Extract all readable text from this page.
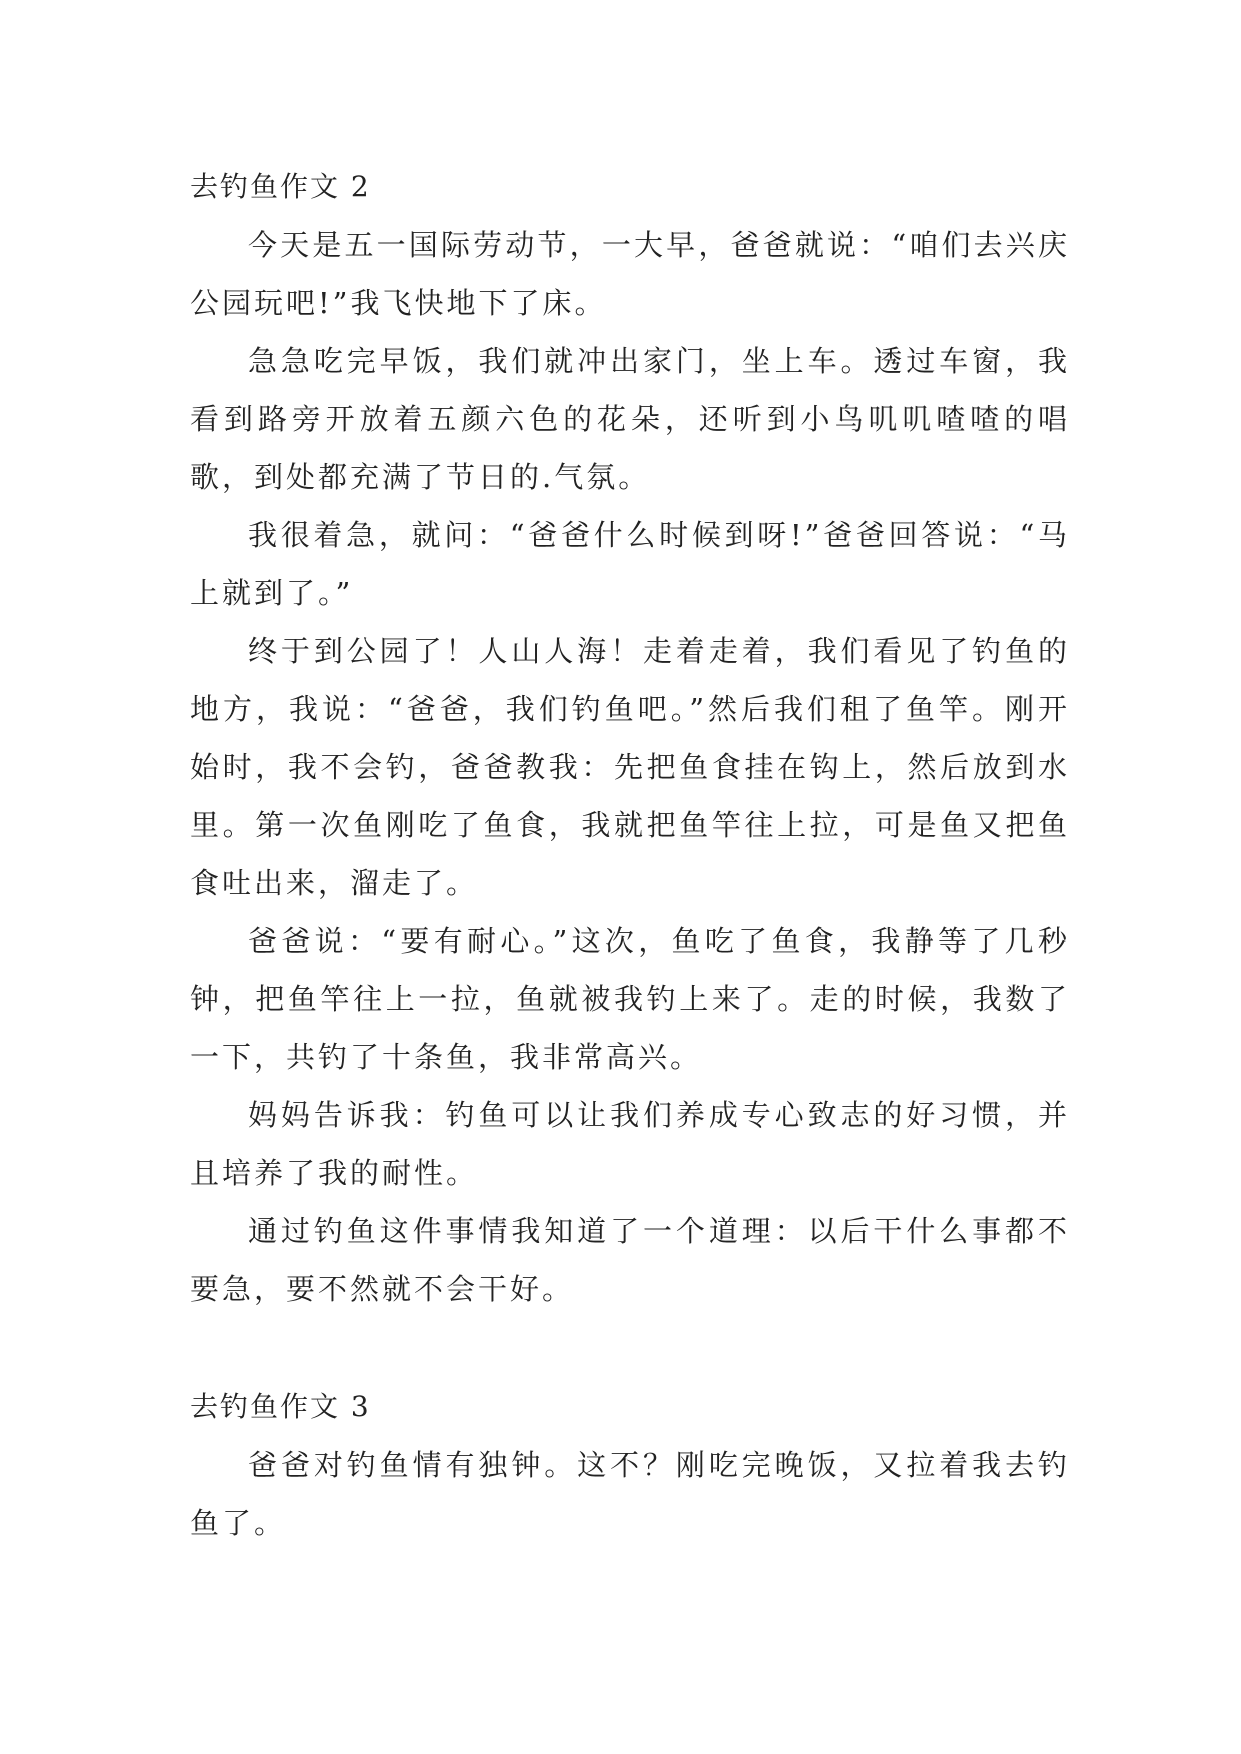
去钓鱼作文 2

今天是五一国际劳动节，一大早，爸爸就说：“咱们去兴庆公园玩吧!”我飞快地下了床。

急急吃完早饭，我们就冲出家门，坐上车。透过车窗，我看到路旁开放着五颜六色的花朵，还听到小鸟叽叽喳喳的唱歌，到处都充满了节日的.气氛。

我很着急，就问：“爸爸什么时候到呀!”爸爸回答说：“马上就到了。”

终于到公园了！人山人海！走着走着，我们看见了钓鱼的地方，我说：“爸爸，我们钓鱼吧。”然后我们租了鱼竿。刚开始时，我不会钓，爸爸教我：先把鱼食挂在钩上，然后放到水里。第一次鱼刚吃了鱼食，我就把鱼竿往上拉，可是鱼又把鱼食吐出来，溜走了。

爸爸说：“要有耐心。”这次，鱼吃了鱼食，我静等了几秒钟，把鱼竿往上一拉，鱼就被我钓上来了。走的时候，我数了一下，共钓了十条鱼，我非常高兴。

妈妈告诉我：钓鱼可以让我们养成专心致志的好习惯，并且培养了我的耐性。

通过钓鱼这件事情我知道了一个道理：以后干什么事都不要急，要不然就不会干好。

去钓鱼作文 3

爸爸对钓鱼情有独钟。这不？刚吃完晚饭，又拉着我去钓鱼了。
